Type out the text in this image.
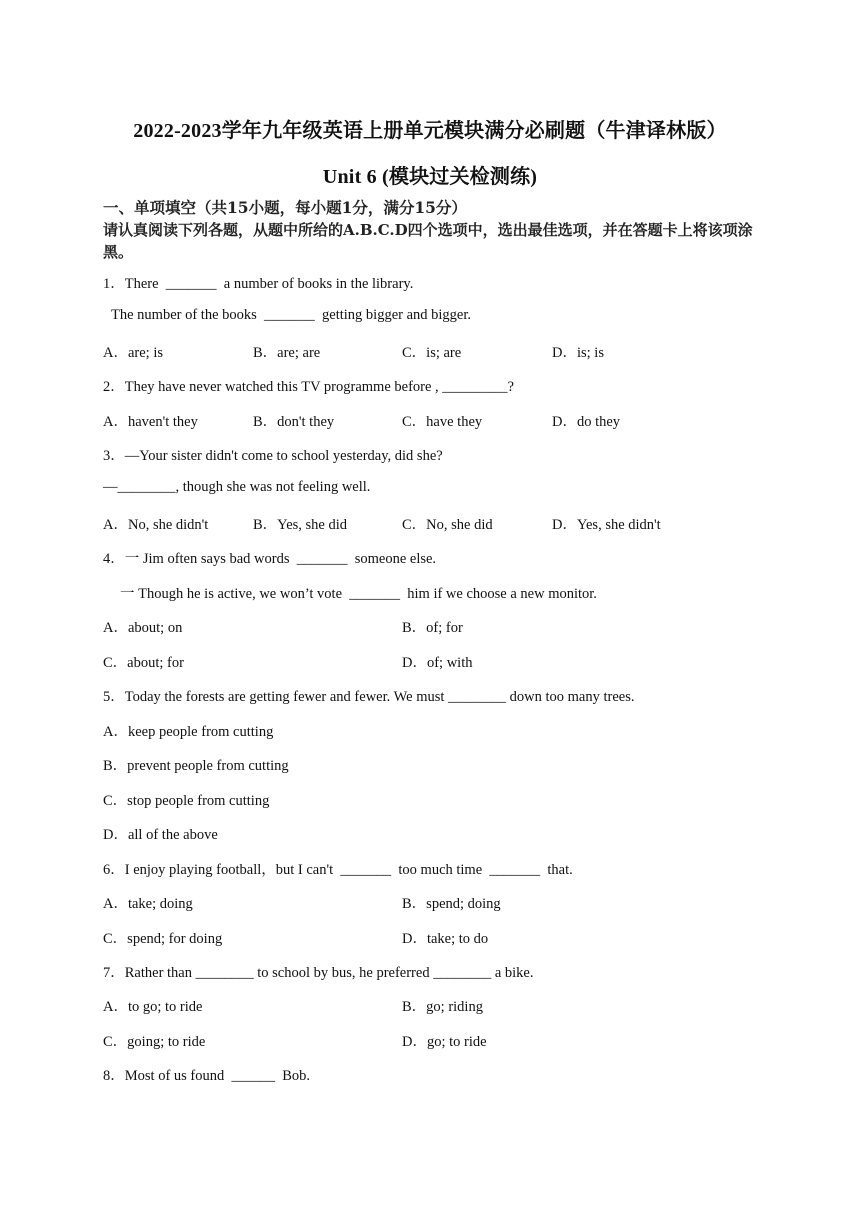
2022-2023学年九年级英语上册单元模块满分必刷题（牛津译林版）
Unit 6 (模块过关检测练)
一、单项填空（共15小题，每小题1分，满分15分）
请认真阅读下列各题，从题中所给的A.B.C.D四个选项中，选出最佳选项，并在答题卡上将该项涂黑。
1．There  _______  a number of books in the library.
The number of the books  _______  getting bigger and bigger.
A．are; is	B．are; are	C．is; are	D．is; is
2．They have never watched this TV programme before , _________?
A．haven't they	B．don't they	C．have they	D．do they
3．—Your sister didn't come to school yesterday, did she?
—________, though she was not feeling well.
A．No, she didn't	B．Yes, she did	C．No, she did	D．Yes, she didn't
4．一 Jim often says bad words  _______  someone else.
一 Though he is active, we won’t vote  _______  him if we choose a new monitor.
A．about; on	B．of; for
C．about; for	D．of; with
5．Today the forests are getting fewer and fewer. We must ________ down too many trees.
A．keep people from cutting
B．prevent people from cutting
C．stop people from cutting
D．all of the above
6．I enjoy playing football，but I can't  _______  too much time  _______  that.
A．take; doing	B．spend; doing
C．spend; for doing	D．take; to do
7．Rather than ________ to school by bus, he preferred ________ a bike.
A．to go; to ride	B．go; riding
C．going; to ride	D．go; to ride
8．Most of us found  ______  Bob.
